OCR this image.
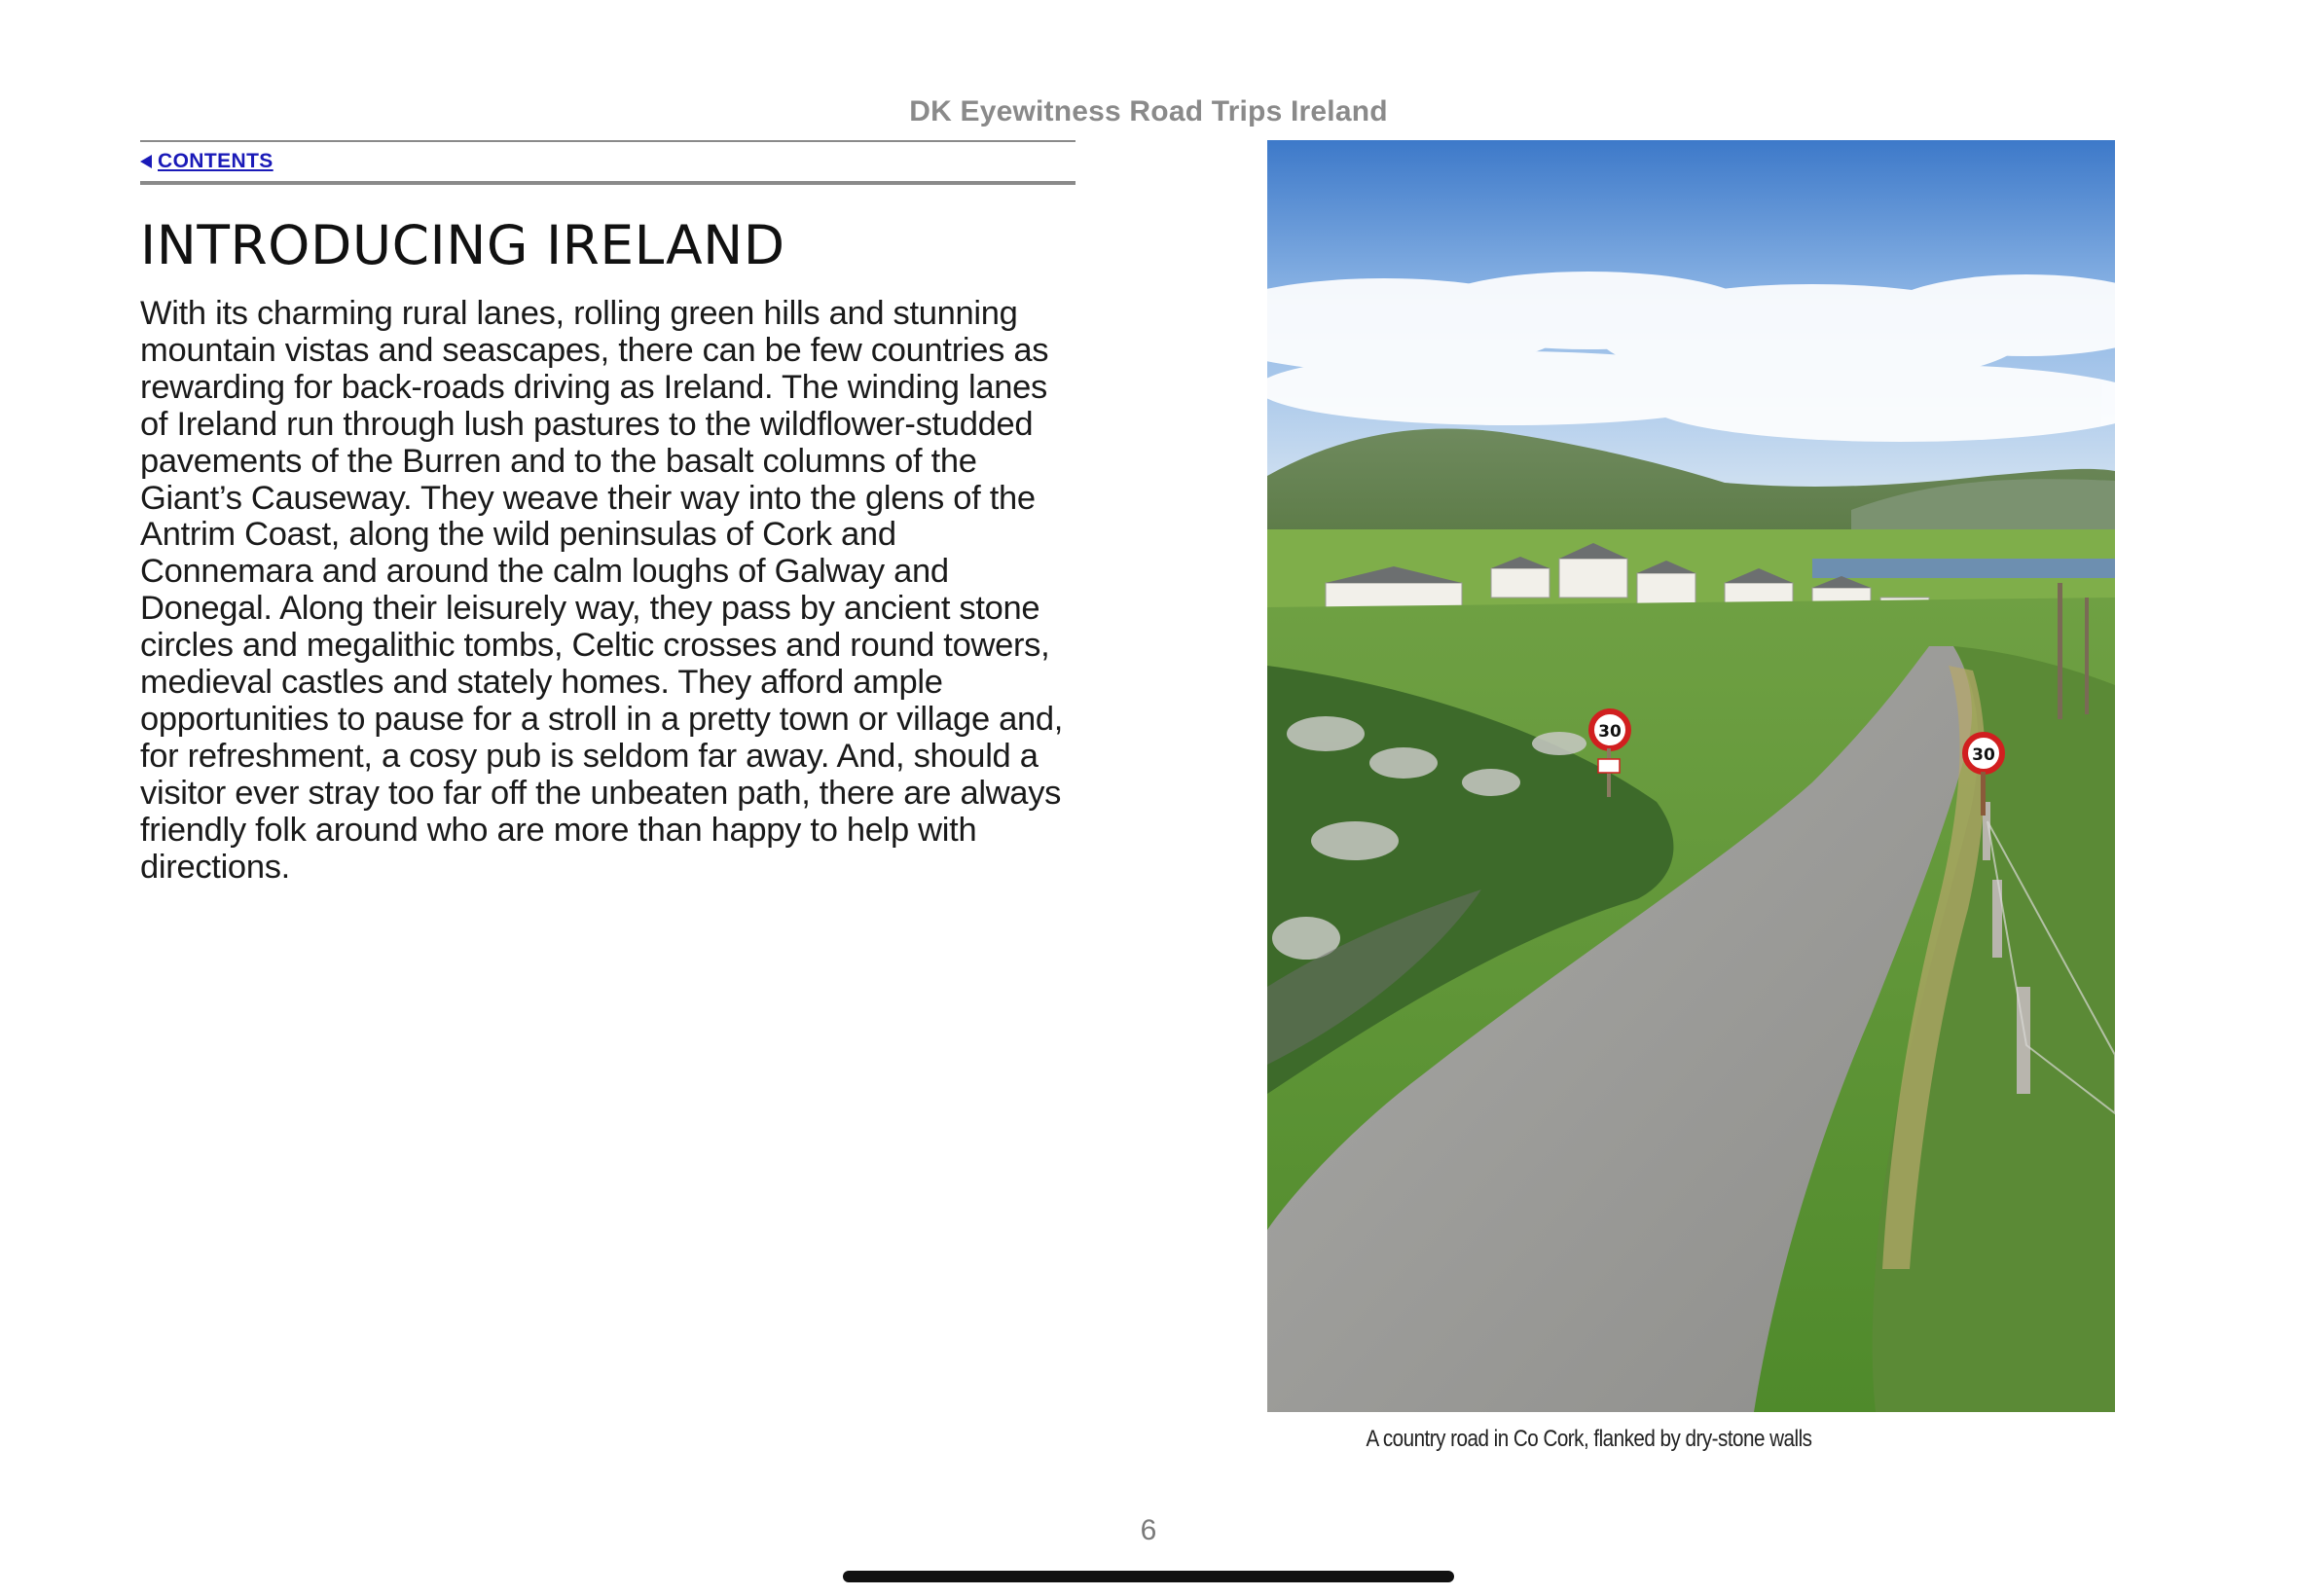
DK Eyewitness Road Trips Ireland
CONTENTS
INTRODUCING IRELAND

With its charming rural lanes, rolling green hills and stunning mountain vistas and seascapes, there can be few countries as rewarding for back-roads driving as Ireland. The winding lanes of Ireland run through lush pastures to the wildflower-studded pavements of the Burren and to the basalt columns of the Giant’s Causeway. They weave their way into the glens of the Antrim Coast, along the wild peninsulas of Cork and Connemara and around the calm loughs of Galway and Donegal. Along their leisurely way, they pass by ancient stone circles and megalithic tombs, Celtic crosses and round towers, medieval castles and stately homes. They afford ample opportunities to pause for a stroll in a pretty town or village and, for refreshment, a cosy pub is seldom far away. And, should a visitor ever stray too far off the unbeaten path, there are always friendly folk around who are more than happy to help with directions.

30
30
A country road in Co Cork, flanked by dry-stone walls
6
